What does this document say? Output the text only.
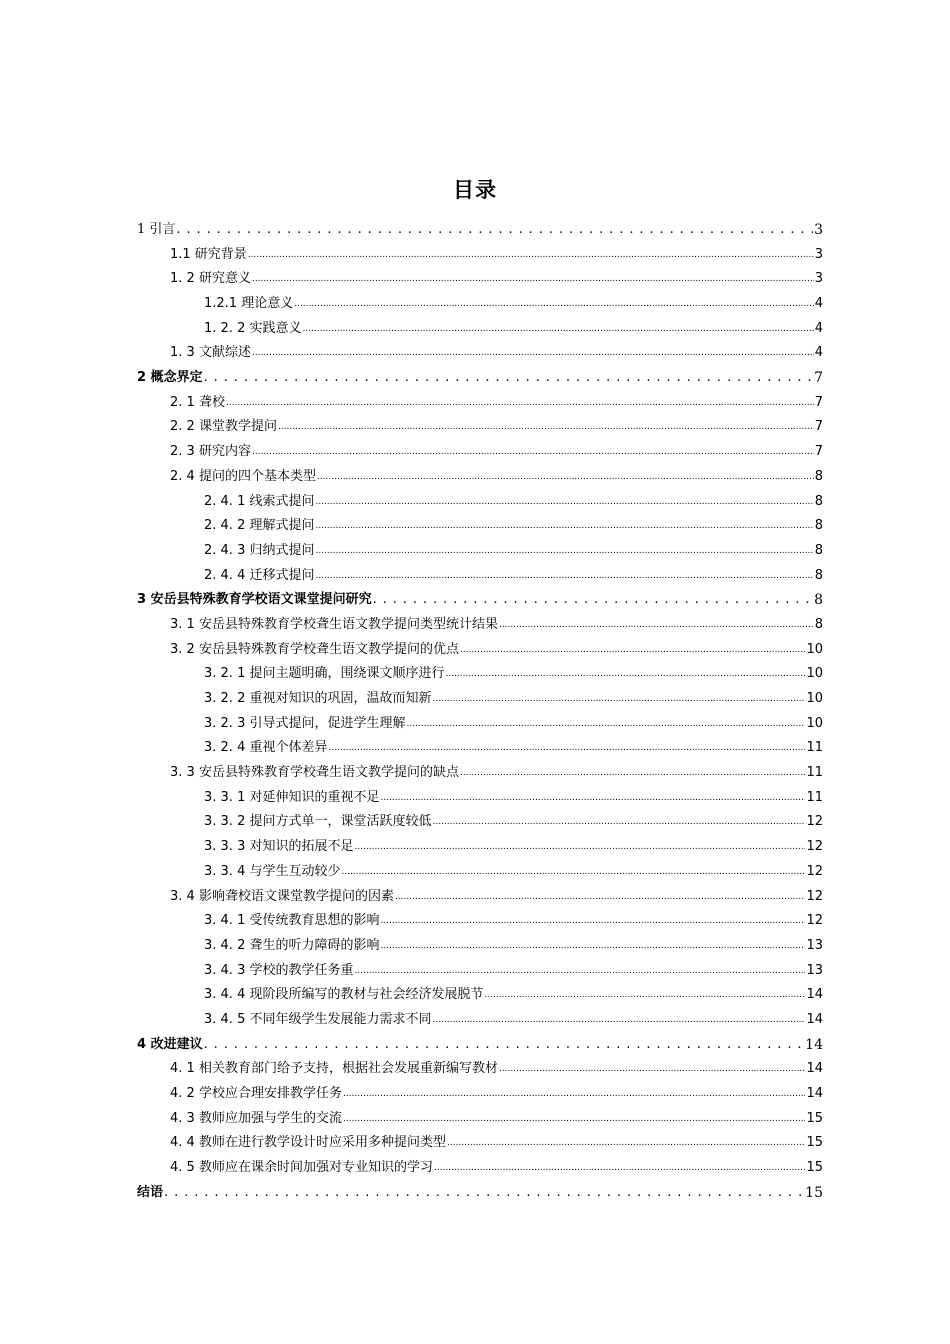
目录
1 引言 . . .	3
1.1 研究背景 .....	3
1. 2 研究意义 .....	3
1.2.1 理论意义 .....	4
1. 2. 2 实践意义 .....	4
1. 3 文献综述 .....	4
2 概念界定 . . .	7
2. 1 聋校 .....	7
2. 2 课堂教学提问 .....	7
2. 3 研究内容 .....	7
2. 4 提问的四个基本类型 .....	8
2. 4. 1 线索式提问 .....	8
2. 4. 2 理解式提问 .....	8
2. 4. 3 归纳式提问 .....	8
2. 4. 4 迁移式提问 .....	8
3 安岳县特殊教育学校语文课堂提问研究 . . .	8
3. 1 安岳县特殊教育学校聋生语文教学提问类型统计结果 .....	8
3. 2 安岳县特殊教育学校聋生语文教学提问的优点 .....	10
3. 2. 1 提问主题明确，围绕课文顺序进行 .....	10
3. 2. 2 重视对知识的巩固，温故而知新 .....	10
3. 2. 3 引导式提问，促进学生理解 .....	10
3. 2. 4 重视个体差异 .....	11
3. 3 安岳县特殊教育学校聋生语文教学提问的缺点 .....	11
3. 3. 1 对延伸知识的重视不足 .....	11
3. 3. 2 提问方式单一，课堂活跃度较低 .....	12
3. 3. 3 对知识的拓展不足 .....	12
3. 3. 4 与学生互动较少 .....	12
3. 4 影响聋校语文课堂教学提问的因素 .....	12
3. 4. 1 受传统教育思想的影响 .....	12
3. 4. 2 聋生的听力障碍的影响 .....	13
3. 4. 3 学校的教学任务重 .....	13
3. 4. 4 现阶段所编写的教材与社会经济发展脱节 .....	14
3. 4. 5 不同年级学生发展能力需求不同 .....	14
4 改进建议 . . .	14
4. 1 相关教育部门给予支持，根据社会发展重新编写教材 .....	14
4. 2 学校应合理安排教学任务 .....	14
4. 3 教师应加强与学生的交流 .....	15
4. 4 教师在进行教学设计时应采用多种提问类型 .....	15
4. 5 教师应在课余时间加强对专业知识的学习 .....	15
结语 . . .	15
